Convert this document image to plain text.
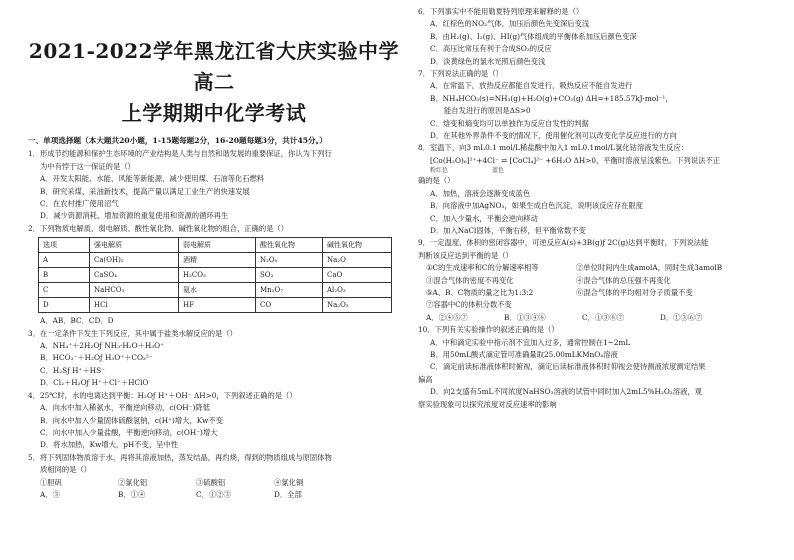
2021-2022学年黑龙江省大庆实验中学高二
上学期期中化学考试
一、单项选择题（本大题共20小题，1-15题每题2分，16-20题每题3分，共计45分。）

1．形成节约能源和保护生态环境的产业结构是人类与自然和谐发展的重要保证，你认为下列行

为中有悖于这一保证的是（）

A．开发太阳能、水能、风能等新能源，减少使用煤、石油等化石燃料

B．研究采煤、采油新技术，提高产量以满足工业生产的快速发展

C．在农村推广使用沼气

D．减少资源消耗、增加资源的重复使用和资源的循环再生

2．下列物质电解质、弱电解质、酸性氧化物、碱性氧化物的组合，正确的是（）

选项	强电解质	弱电解质	酸性氧化物	碱性氧化物
A	Ca(OH)₂	酒精	N₂O₅	Na₂O
B	CaSO₄	H₂CO₃	SO₃	CaO
C	NaHCO₃	氨水	Mn₂O₇	Al₂O₃
D	HCl	HF	CO	Na₂O₂

A．AB．BC．CD．D

3．在一定条件下发生下列反应，其中属于盐类水解反应的是（）

A．NH₄⁺＋2H₂Oƒ NH₃·H₂O＋H₃O⁺

B．HCO₃⁻＋H₂Oƒ H₃O⁺＋CO₃²⁻

C．H₂Sƒ H⁺＋HS⁻

D．Cl₂＋H₂Oƒ H⁺＋Cl⁻＋HClO

4．25℃时，水的电离达到平衡：H₂Oƒ H⁺＋OH⁻ ΔH>0，下列叙述正确的是（）

A．向水中加入稀氨水，平衡逆向移动，c(OH⁻)降低

B．向水中加入少量固体硫酸氢钠，c(H⁺)增大，Kw不变

C．向水中加入少量盐酸，平衡逆向移动，c(OH⁻)增大

D．将水加热，Kw增大，pH不变，呈中性

5．将下列固体物质溶于水，再将其溶液加热，蒸发结晶，再灼烧，得到的物质组成与原固体物

质相同的是（）

①胆矾	②氯化铝	③硫酸铝	④氯化铜

A．③	B．①④	C．①②③	D．全部

6．下列事实中不能用勒夏特列原理来解释的是（）

A．红棕色的NO₂气体，加压后颜色先变深后变浅

B．由H₂(g)、I₂(g)、HI(g)气体组成的平衡体系加压后颜色变深

C．高压比常压有利于合成SO₃的反应

D．淡黄绿色的氯水光照后颜色变浅

7．下列说法正确的是（）

A．在常温下，放热反应都能自发进行，吸热反应不能自发进行

B．NH₄HCO₃(s)=NH₃(g)+H₂O(g)+CO₂(g) ΔH=+185.57kJ·mol⁻¹，

能自发进行的原因是ΔS>0

C．焓变和熵变均可以单独作为反应自发性的判据

D．在其他外界条件不变的情况下，使用催化剂可以改变化学反应进行的方向

8．室温下，向3 mL0.1 mol/L稀盐酸中加入1 mL0.1mol/L氯化钴溶液发生反应：

[Co(H₂O)₆]²⁺+4Cl⁻ ⇌ [CoCl₄]²⁻ +6H₂O ΔH>0
粉红色	蓝色
，平衡时溶液呈浅紫色。下列说法不正

确的是（）

A．加热，溶液会逐渐变成蓝色

B．向溶液中加AgNO₃，如果生成白色沉淀，说明该反应存在限度

C．加入少量水，平衡会逆向移动

D．加入NaCl固体，平衡右移，但平衡常数不变

9．一定温度、体积的密闭容器中，可逆反应A(s)+3B(g)ƒ 2C(g)达到平衡时，下列说法能

判断该反应达到平衡的是（）

①C的生成速率和C的分解速率相等	②单位时间内生成amolA，同时生成3amolB

③混合气体的密度不再变化	④混合气体的总压强不再变化

⑤A、B、C物质的量之比为1:3:2	⑥混合气体的平均相对分子质量不变

⑦容器中C的体积分数不变

A．②④⑤⑦	B．①③④⑥	C．①③⑥⑦	D．①③⑥⑦

10．下列有关实验操作的叙述正确的是（）

A．中和滴定实验中指示剂不宜加入过多，通常控制在1~2mL

B．用50mL酸式滴定管可准确量取25.00mLKMnO₄溶液

C．滴定前读标准液体积时俯视，滴定后读标准液体积时仰视会使待测液浓度测定结果

偏高

D．向2支盛有5mL不同浓度NaHSO₃溶液的试管中同时加入2mL5%H₂O₂溶液，观

察实验现象可以探究浓度对反应速率的影响
